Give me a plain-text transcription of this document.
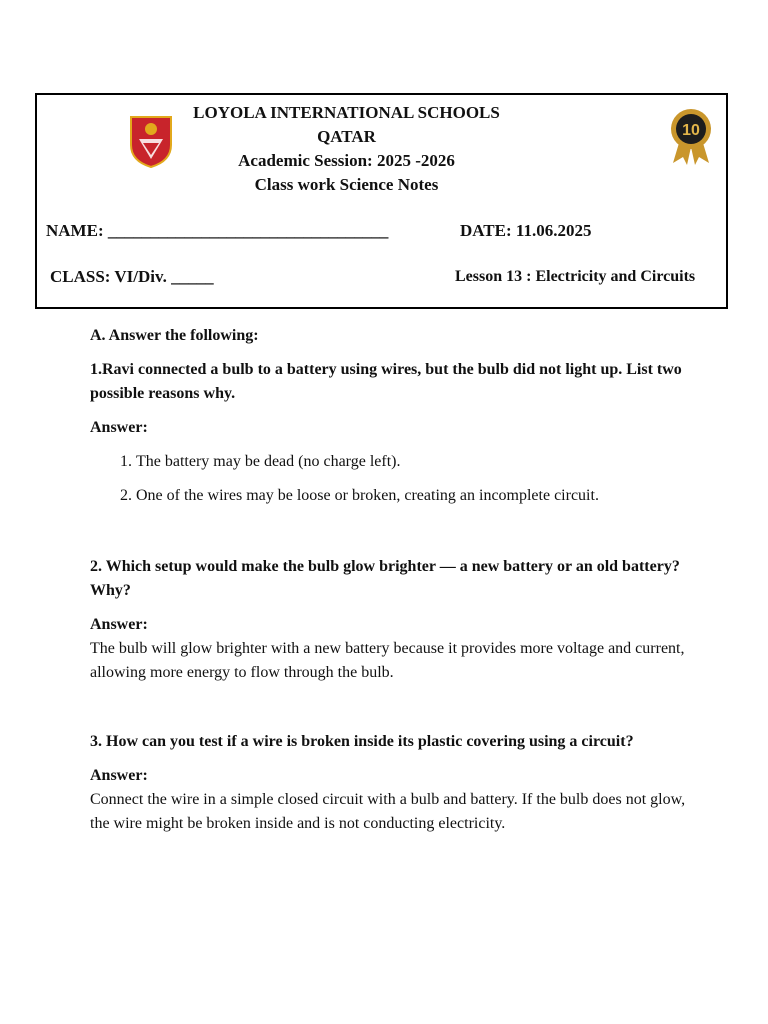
LOYOLA INTERNATIONAL SCHOOLS
QATAR
Academic Session: 2025 -2026
Class work Science Notes
10
NAME: _________________________________	DATE: 11.06.2025
CLASS: VI/Div. _____	Lesson 13 : Electricity and Circuits
A. Answer the following:
1.Ravi connected a bulb to a battery using wires, but the bulb did not light up. List two possible reasons why.
Answer:
1. The battery may be dead (no charge left).
2. One of the wires may be loose or broken, creating an incomplete circuit.
2. Which setup would make the bulb glow brighter — a new battery or an old battery? Why?
Answer:
The bulb will glow brighter with a new battery because it provides more voltage and current, allowing more energy to flow through the bulb.
3. How can you test if a wire is broken inside its plastic covering using a circuit?
Answer:
Connect the wire in a simple closed circuit with a bulb and battery. If the bulb does not glow, the wire might be broken inside and is not conducting electricity.
